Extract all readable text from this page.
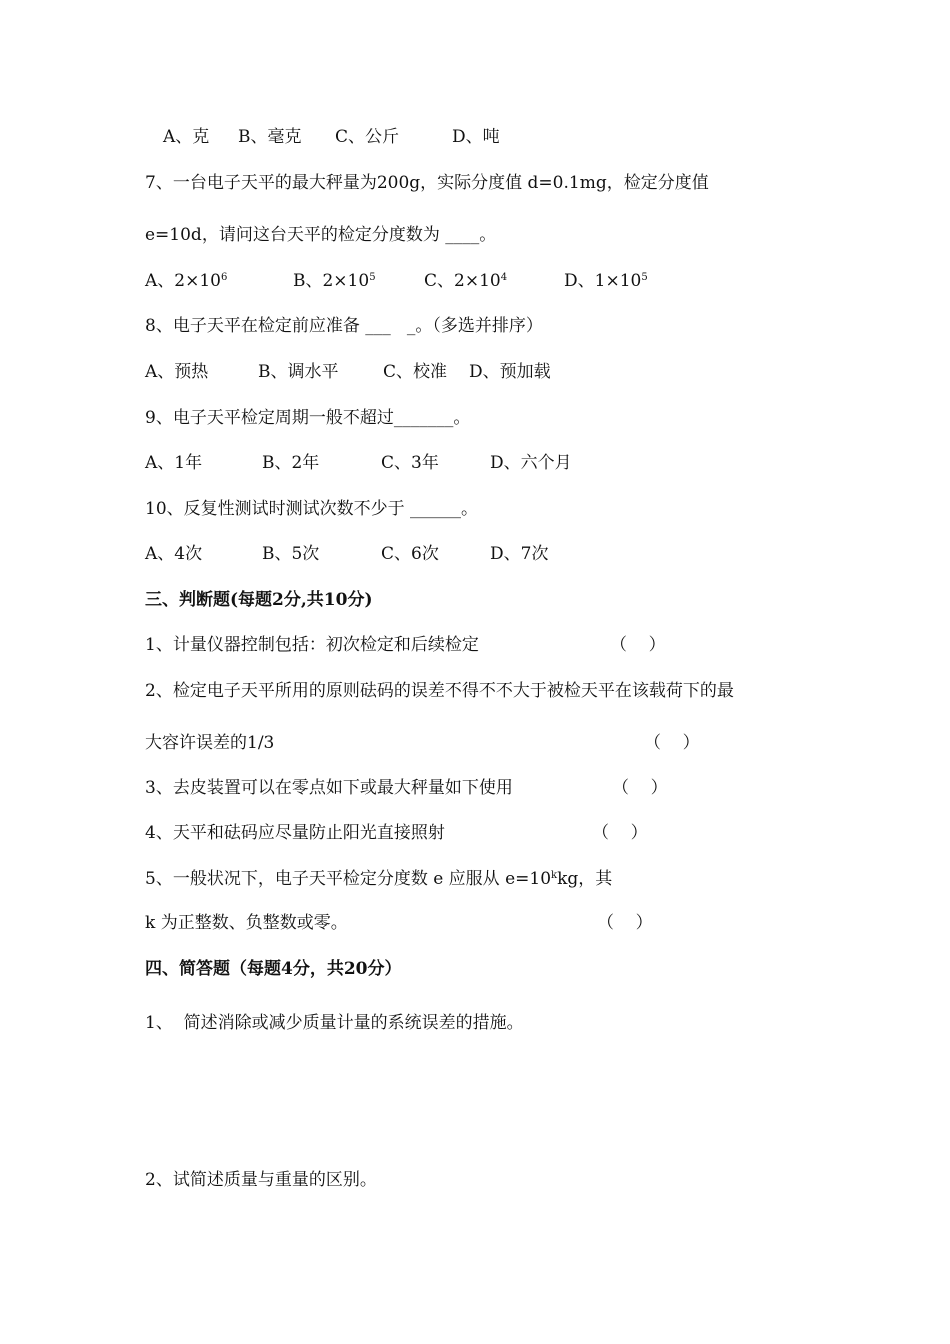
A、克 B、毫克 C、公斤	D、吨
7、一台电子天平的最大秤量为200g，实际分度值 d=0.1mg，检定分度值
e=10d，请问这台天平的检定分度数为 ____。
A、$2\times 10^6$	B、$2\times 10^5$	C、$2\times 10^4$	D、$1\times 10^5$
8、电子天平在检定前应准备 ___   _。（多选并排序）
A、预热	B、调水平	C、校准 D、预加载
9、电子天平检定周期一般不超过_______。
A、1年	B、2年	C、3年	D、六个月
10、反复性测试时测试次数不少于 ______。
A、4次	B、5次	C、6次	D、7次
三、判断题(每题2分,共10分)
1、计量仪器控制包括：初次检定和后续检定	（    ）
2、检定电子天平所用的原则砝码的误差不得不不大于被检天平在该载荷下的最
大容许误差的1/3	（    ）
3、去皮装置可以在零点如下或最大秤量如下使用	（    ）
4、天平和砝码应尽量防止阳光直接照射	（    ）
5、一般状况下，电子天平检定分度数 e 应服从 $e=10^kkg$，其
k 为正整数、负整数或零。	（    ）
四、简答题（每题4分，共20分）
1、  简述消除或减少质量计量的系统误差的措施。
2、试简述质量与重量的区别。
